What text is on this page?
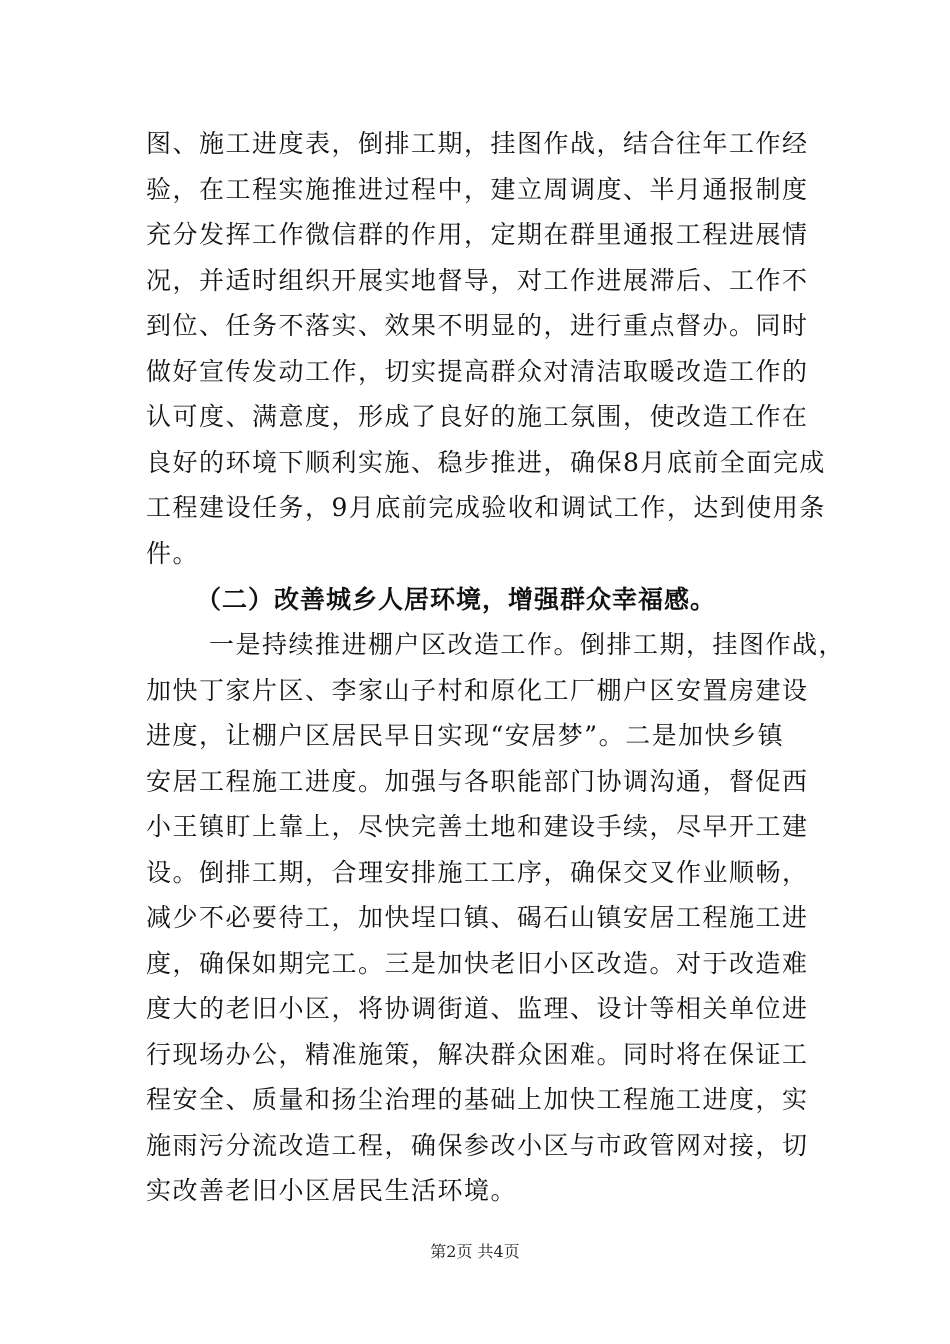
图、施工进度表，倒排工期，挂图作战，结合往年工作经
验，在工程实施推进过程中，建立周调度、半月通报制度
充分发挥工作微信群的作用，定期在群里通报工程进展情
况，并适时组织开展实地督导，对工作进展滞后、工作不
到位、任务不落实、效果不明显的，进行重点督办。同时
做好宣传发动工作，切实提高群众对清洁取暖改造工作的
认可度、满意度，形成了良好的施工氛围，使改造工作在
良好的环境下顺利实施、稳步推进，确保8月底前全面完成
工程建设任务，9月底前完成验收和调试工作，达到使用条
件。
（二）改善城乡人居环境，增强群众幸福感。
一是持续推进棚户区改造工作。倒排工期，挂图作战，
加快丁家片区、李家山子村和原化工厂棚户区安置房建设
进度，让棚户区居民早日实现“安居梦”。二是加快乡镇
安居工程施工进度。加强与各职能部门协调沟通，督促西
小王镇盯上靠上，尽快完善土地和建设手续，尽早开工建
设。倒排工期，合理安排施工工序，确保交叉作业顺畅，
减少不必要待工，加快埕口镇、碣石山镇安居工程施工进
度，确保如期完工。三是加快老旧小区改造。对于改造难
度大的老旧小区，将协调街道、监理、设计等相关单位进
行现场办公，精准施策，解决群众困难。同时将在保证工
程安全、质量和扬尘治理的基础上加快工程施工进度，实
施雨污分流改造工程，确保参改小区与市政管网对接，切
实改善老旧小区居民生活环境。
第2页 共4页
